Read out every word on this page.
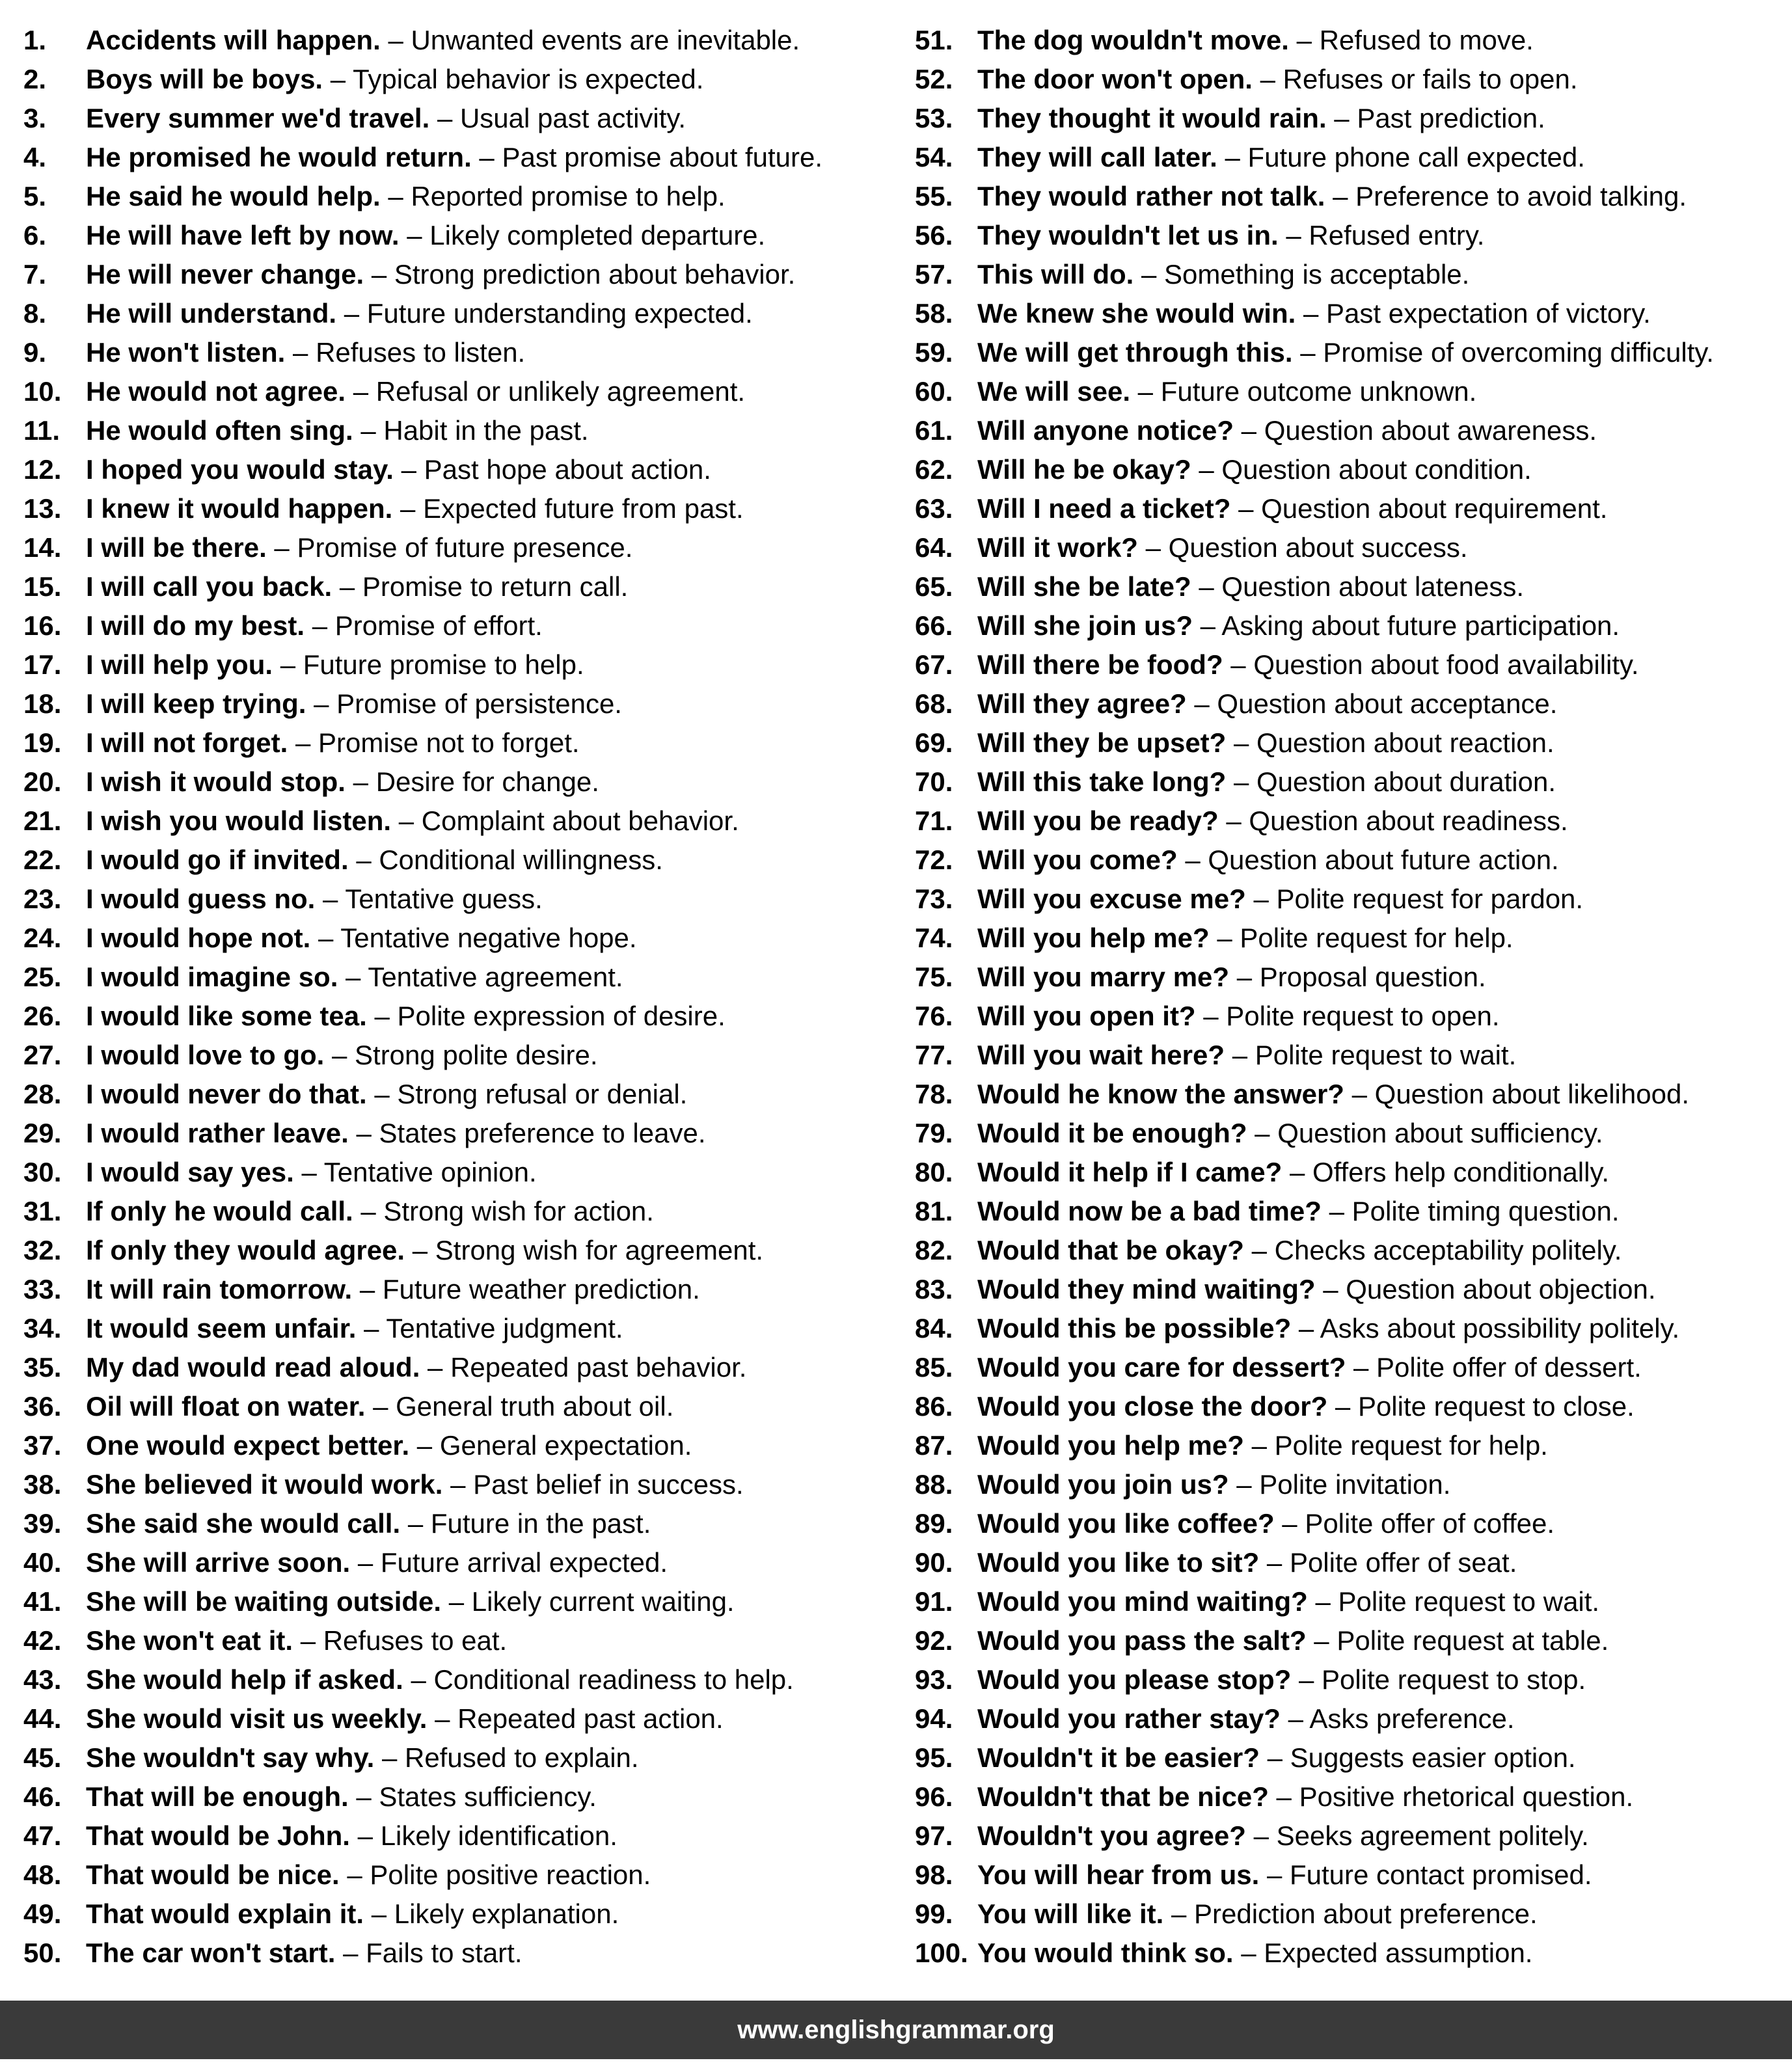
1. Accidents will happen. – Unwanted events are inevitable.
2. Boys will be boys. – Typical behavior is expected.
3. Every summer we'd travel. – Usual past activity.
4. He promised he would return. – Past promise about future.
5. He said he would help. – Reported promise to help.
6. He will have left by now. – Likely completed departure.
7. He will never change. – Strong prediction about behavior.
8. He will understand. – Future understanding expected.
9. He won't listen. – Refuses to listen.
10. He would not agree. – Refusal or unlikely agreement.
11. He would often sing. – Habit in the past.
12. I hoped you would stay. – Past hope about action.
13. I knew it would happen. – Expected future from past.
14. I will be there. – Promise of future presence.
15. I will call you back. – Promise to return call.
16. I will do my best. – Promise of effort.
17. I will help you. – Future promise to help.
18. I will keep trying. – Promise of persistence.
19. I will not forget. – Promise not to forget.
20. I wish it would stop. – Desire for change.
21. I wish you would listen. – Complaint about behavior.
22. I would go if invited. – Conditional willingness.
23. I would guess no. – Tentative guess.
24. I would hope not. – Tentative negative hope.
25. I would imagine so. – Tentative agreement.
26. I would like some tea. – Polite expression of desire.
27. I would love to go. – Strong polite desire.
28. I would never do that. – Strong refusal or denial.
29. I would rather leave. – States preference to leave.
30. I would say yes. – Tentative opinion.
31. If only he would call. – Strong wish for action.
32. If only they would agree. – Strong wish for agreement.
33. It will rain tomorrow. – Future weather prediction.
34. It would seem unfair. – Tentative judgment.
35. My dad would read aloud. – Repeated past behavior.
36. Oil will float on water. – General truth about oil.
37. One would expect better. – General expectation.
38. She believed it would work. – Past belief in success.
39. She said she would call. – Future in the past.
40. She will arrive soon. – Future arrival expected.
41. She will be waiting outside. – Likely current waiting.
42. She won't eat it. – Refuses to eat.
43. She would help if asked. – Conditional readiness to help.
44. She would visit us weekly. – Repeated past action.
45. She wouldn't say why. – Refused to explain.
46. That will be enough. – States sufficiency.
47. That would be John. – Likely identification.
48. That would be nice. – Polite positive reaction.
49. That would explain it. – Likely explanation.
50. The car won't start. – Fails to start.
51. The dog wouldn't move. – Refused to move.
52. The door won't open. – Refuses or fails to open.
53. They thought it would rain. – Past prediction.
54. They will call later. – Future phone call expected.
55. They would rather not talk. – Preference to avoid talking.
56. They wouldn't let us in. – Refused entry.
57. This will do. – Something is acceptable.
58. We knew she would win. – Past expectation of victory.
59. We will get through this. – Promise of overcoming difficulty.
60. We will see. – Future outcome unknown.
61. Will anyone notice? – Question about awareness.
62. Will he be okay? – Question about condition.
63. Will I need a ticket? – Question about requirement.
64. Will it work? – Question about success.
65. Will she be late? – Question about lateness.
66. Will she join us? – Asking about future participation.
67. Will there be food? – Question about food availability.
68. Will they agree? – Question about acceptance.
69. Will they be upset? – Question about reaction.
70. Will this take long? – Question about duration.
71. Will you be ready? – Question about readiness.
72. Will you come? – Question about future action.
73. Will you excuse me? – Polite request for pardon.
74. Will you help me? – Polite request for help.
75. Will you marry me? – Proposal question.
76. Will you open it? – Polite request to open.
77. Will you wait here? – Polite request to wait.
78. Would he know the answer? – Question about likelihood.
79. Would it be enough? – Question about sufficiency.
80. Would it help if I came? – Offers help conditionally.
81. Would now be a bad time? – Polite timing question.
82. Would that be okay? – Checks acceptability politely.
83. Would they mind waiting? – Question about objection.
84. Would this be possible? – Asks about possibility politely.
85. Would you care for dessert? – Polite offer of dessert.
86. Would you close the door? – Polite request to close.
87. Would you help me? – Polite request for help.
88. Would you join us? – Polite invitation.
89. Would you like coffee? – Polite offer of coffee.
90. Would you like to sit? – Polite offer of seat.
91. Would you mind waiting? – Polite request to wait.
92. Would you pass the salt? – Polite request at table.
93. Would you please stop? – Polite request to stop.
94. Would you rather stay? – Asks preference.
95. Wouldn't it be easier? – Suggests easier option.
96. Wouldn't that be nice? – Positive rhetorical question.
97. Wouldn't you agree? – Seeks agreement politely.
98. You will hear from us. – Future contact promised.
99. You will like it. – Prediction about preference.
100. You would think so. – Expected assumption.
www.englishgrammar.org
